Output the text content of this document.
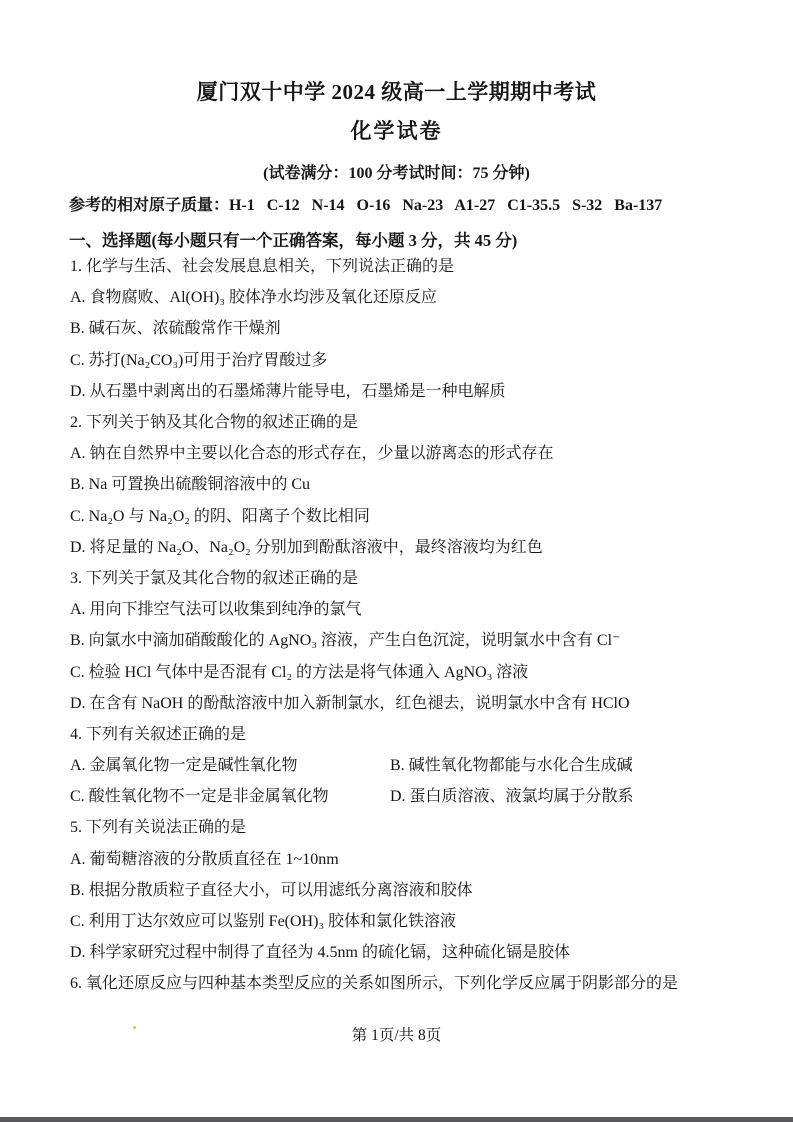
厦门双十中学 2024 级高一上学期期中考试
化学试卷
(试卷满分：100 分考试时间：75 分钟)
参考的相对原子质量：H-1   C-12   N-14   O-16   Na-23   A1-27   C1-35.5   S-32   Ba-137
一、选择题(每小题只有一个正确答案，每小题 3 分，共 45 分)
1. 化学与生活、社会发展息息相关，下列说法正确的是
A. 食物腐败、Al(OH)₃ 胶体净水均涉及氧化还原反应
B. 碱石灰、浓硫酸常作干燥剂
C. 苏打(Na₂CO₃)可用于治疗胃酸过多
D. 从石墨中剥离出的石墨烯薄片能导电，石墨烯是一种电解质
2. 下列关于钠及其化合物的叙述正确的是
A. 钠在自然界中主要以化合态的形式存在，少量以游离态的形式存在
B. Na 可置换出硫酸铜溶液中的 Cu
C. Na₂O 与 Na₂O₂ 的阴、阳离子个数比相同
D. 将足量的 Na₂O、Na₂O₂ 分别加到酚酞溶液中，最终溶液均为红色
3. 下列关于氯及其化合物的叙述正确的是
A. 用向下排空气法可以收集到纯净的氯气
B. 向氯水中滴加硝酸酸化的 AgNO₃ 溶液，产生白色沉淀，说明氯水中含有 Cl⁻
C. 检验 HCl 气体中是否混有 Cl₂ 的方法是将气体通入 AgNO₃ 溶液
D. 在含有 NaOH 的酚酞溶液中加入新制氯水，红色褪去，说明氯水中含有 HClO
4. 下列有关叙述正确的是
A. 金属氧化物一定是碱性氧化物	B. 碱性氧化物都能与水化合生成碱
C. 酸性氧化物不一定是非金属氧化物	D. 蛋白质溶液、液氯均属于分散系
5. 下列有关说法正确的是
A. 葡萄糖溶液的分散质直径在 1~10nm
B. 根据分散质粒子直径大小，可以用滤纸分离溶液和胶体
C. 利用丁达尔效应可以鉴别 Fe(OH)₃ 胶体和氯化铁溶液
D. 科学家研究过程中制得了直径为 4.5nm 的硫化镉，这种硫化镉是胶体
6. 氧化还原反应与四种基本类型反应的关系如图所示，下列化学反应属于阴影部分的是
第 1页/共 8页
